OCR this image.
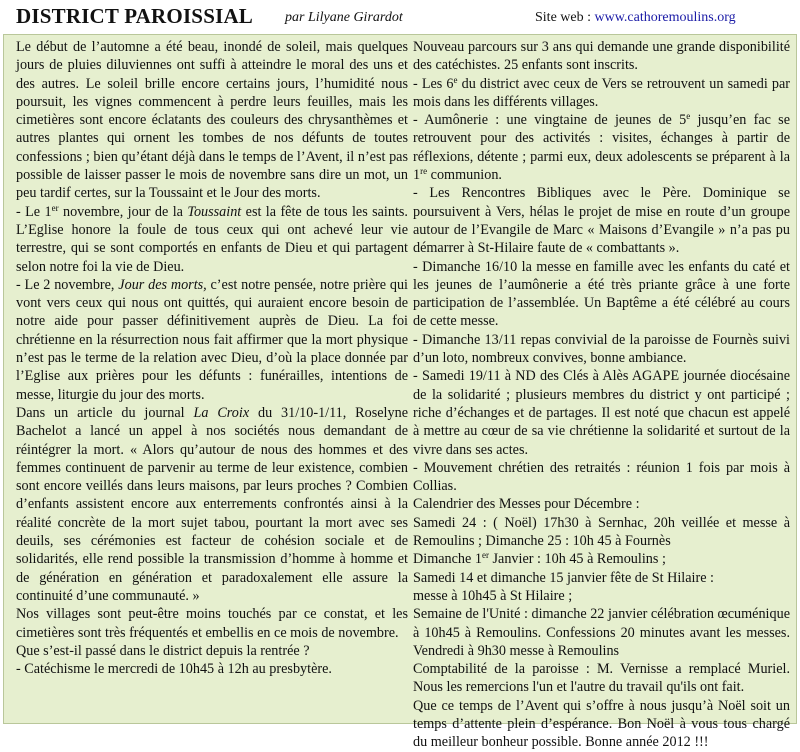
DISTRICT PAROISSIAL par Lilyane Girardot	Site web : www.cathoremoulins.org

Le début de l’automne a été beau, inondé de soleil, mais quelques jours de pluies diluviennes ont suffi à atteindre le moral des uns et des autres. Le soleil brille encore certains jours, l’humidité nous poursuit, les vignes commencent à perdre leurs feuilles, mais les cimetières sont encore éclatants des couleurs des chrysanthèmes et autres plantes qui ornent les tombes de nos défunts de toutes confessions ; bien qu’étant déjà dans le temps de l’Avent, il n’est pas possible de laisser passer le mois de novembre sans dire un mot, un peu tardif certes, sur la Toussaint et le Jour des morts.

- Le 1er novembre, jour de la Toussaint est la fête de tous les saints. L’Eglise honore la foule de tous ceux qui ont achevé leur vie terrestre, qui se sont comportés en enfants de Dieu et qui partagent selon notre foi la vie de Dieu.

- Le 2 novembre, Jour des morts, c’est notre pensée, notre prière qui vont vers ceux qui nous ont quittés, qui auraient encore besoin de notre aide pour passer définitivement auprès de Dieu. La foi chrétienne en la résurrection nous fait affirmer que la mort physique n’est pas le terme de la relation avec Dieu, d’où la place donnée par l’Eglise aux prières pour les défunts : funérailles, intentions de messe, liturgie du jour des morts.

Dans un article du journal La Croix du 31/10-1/11, Roselyne Bachelot a lancé un appel à nos sociétés nous demandant de réintégrer la mort. « Alors qu’autour de nous des hommes et des femmes continuent de parvenir au terme de leur existence, combien sont encore veillés dans leurs maisons, par leurs proches ? Combien d’enfants assistent encore aux enterrements confrontés ainsi à la réalité concrète de la mort sujet tabou, pourtant la mort avec ses deuils, ses cérémonies est facteur de cohésion sociale et de solidarités, elle rend possible la transmission d’homme à homme et de génération en génération et paradoxalement elle assure la continuité d’une communauté. »

Nos villages sont peut-être moins touchés par ce constat, et les cimetières sont très fréquentés et embellis en ce mois de novembre.

Que s’est-il passé dans le district depuis la rentrée ?

- Catéchisme le mercredi de 10h45 à 12h au presbytère.

Nouveau parcours sur 3 ans qui demande une grande disponibilité des catéchistes. 25 enfants sont inscrits.

- Les 6e du district avec ceux de Vers se retrouvent un samedi par mois dans les différents villages.

- Aumônerie : une vingtaine de jeunes de 5e jusqu’en fac se retrouvent pour des activités : visites, échanges à partir de réflexions, détente ; parmi eux, deux adolescents se préparent à la 1re communion.

- Les Rencontres Bibliques avec le Père. Dominique se poursuivent à Vers, hélas le projet de mise en route d’un groupe autour de l’Evangile de Marc « Maisons d’Evangile » n’a pas pu démarrer à St-Hilaire faute de « combattants ».

- Dimanche 16/10 la messe en famille avec les enfants du caté et les jeunes de l’aumônerie a été très priante grâce à une forte participation de l’assemblée. Un Baptême a été célébré au cours de cette messe.

- Dimanche 13/11 repas convivial de la paroisse de Fournès suivi d’un loto, nombreux convives, bonne ambiance.

- Samedi 19/11 à ND des Clés à Alès AGAPE journée diocésaine de la solidarité ; plusieurs membres du district y ont participé ; riche d’échanges et de partages. Il est noté que chacun est appelé à mettre au cœur de sa vie chrétienne la solidarité et surtout de la vivre dans ses actes.

- Mouvement chrétien des retraités : réunion 1 fois par mois à Collias.

Calendrier des Messes pour Décembre :

Samedi 24 : ( Noël) 17h30 à Sernhac, 20h veillée et messe à Remoulins ; Dimanche 25 : 10h 45 à Fournès

Dimanche 1er Janvier : 10h 45 à Remoulins ;

Samedi 14 et dimanche 15 janvier fête de St Hilaire :

messe à 10h45 à St Hilaire ;

Semaine de l'Unité : dimanche 22 janvier célébration œcuménique à 10h45 à Remoulins. Confessions 20 minutes avant les messes. Vendredi à 9h30 messe à Remoulins

Comptabilité de la paroisse : M. Vernisse a remplacé Muriel. Nous les remercions l'un et l'autre du travail qu'ils ont fait.

Que ce temps de l’Avent qui s’offre à nous jusqu’à Noël soit un temps d’attente plein d’espérance. Bon Noël à vous tous chargé du meilleur bonheur possible. Bonne année 2012 !!!
